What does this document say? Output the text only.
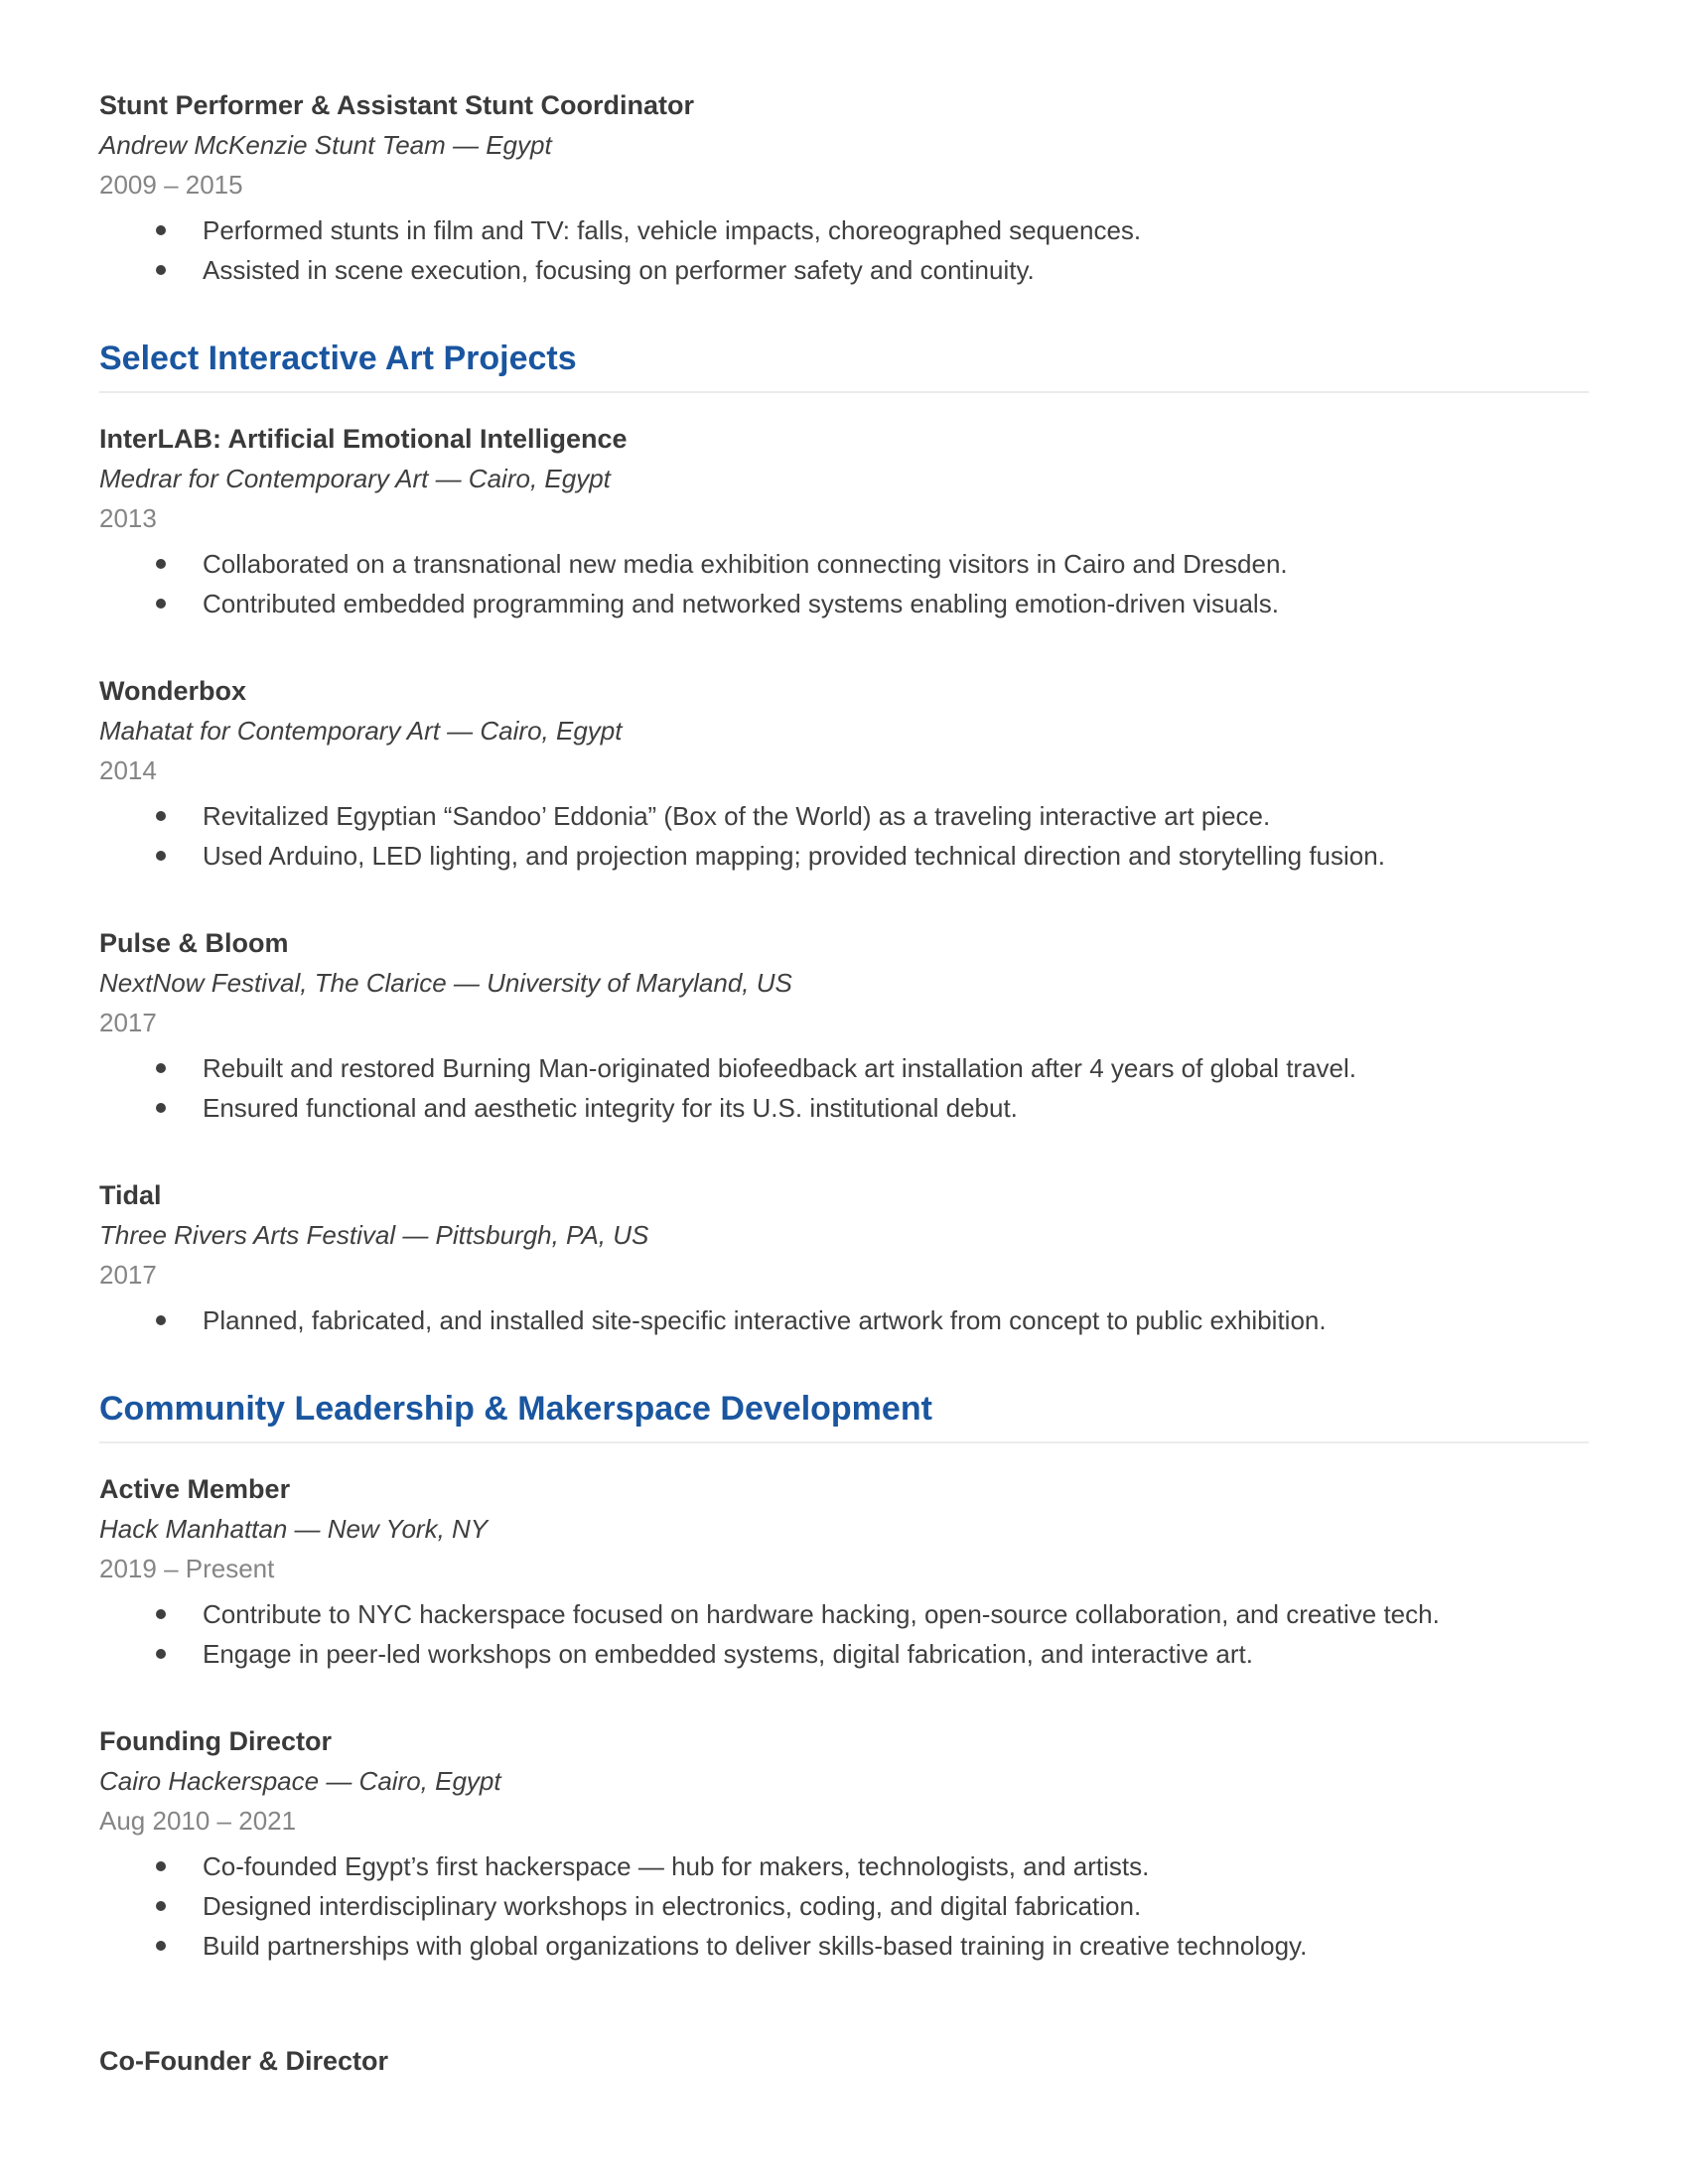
Stunt Performer & Assistant Stunt Coordinator

Andrew McKenzie Stunt Team — Egypt

2009 – 2015

Performed stunts in film and TV: falls, vehicle impacts, choreographed sequences.
Assisted in scene execution, focusing on performer safety and continuity.
Select Interactive Art Projects
InterLAB: Artificial Emotional Intelligence

Medrar for Contemporary Art — Cairo, Egypt

2013

Collaborated on a transnational new media exhibition connecting visitors in Cairo and Dresden.
Contributed embedded programming and networked systems enabling emotion-driven visuals.
Wonderbox

Mahatat for Contemporary Art — Cairo, Egypt

2014

Revitalized Egyptian “Sandoo’ Eddonia” (Box of the World) as a traveling interactive art piece.
Used Arduino, LED lighting, and projection mapping; provided technical direction and storytelling fusion.
Pulse & Bloom

NextNow Festival, The Clarice — University of Maryland, US

2017

Rebuilt and restored Burning Man-originated biofeedback art installation after 4 years of global travel.
Ensured functional and aesthetic integrity for its U.S. institutional debut.
Tidal

Three Rivers Arts Festival — Pittsburgh, PA, US

2017

Planned, fabricated, and installed site-specific interactive artwork from concept to public exhibition.
Community Leadership & Makerspace Development
Active Member

Hack Manhattan — New York, NY

2019 – Present

Contribute to NYC hackerspace focused on hardware hacking, open-source collaboration, and creative tech.
Engage in peer-led workshops on embedded systems, digital fabrication, and interactive art.
Founding Director

Cairo Hackerspace — Cairo, Egypt

Aug 2010 – 2021

Co-founded Egypt’s first hackerspace — hub for makers, technologists, and artists.
Designed interdisciplinary workshops in electronics, coding, and digital fabrication.
Build partnerships with global organizations to deliver skills-based training in creative technology.
Co-Founder & Director
